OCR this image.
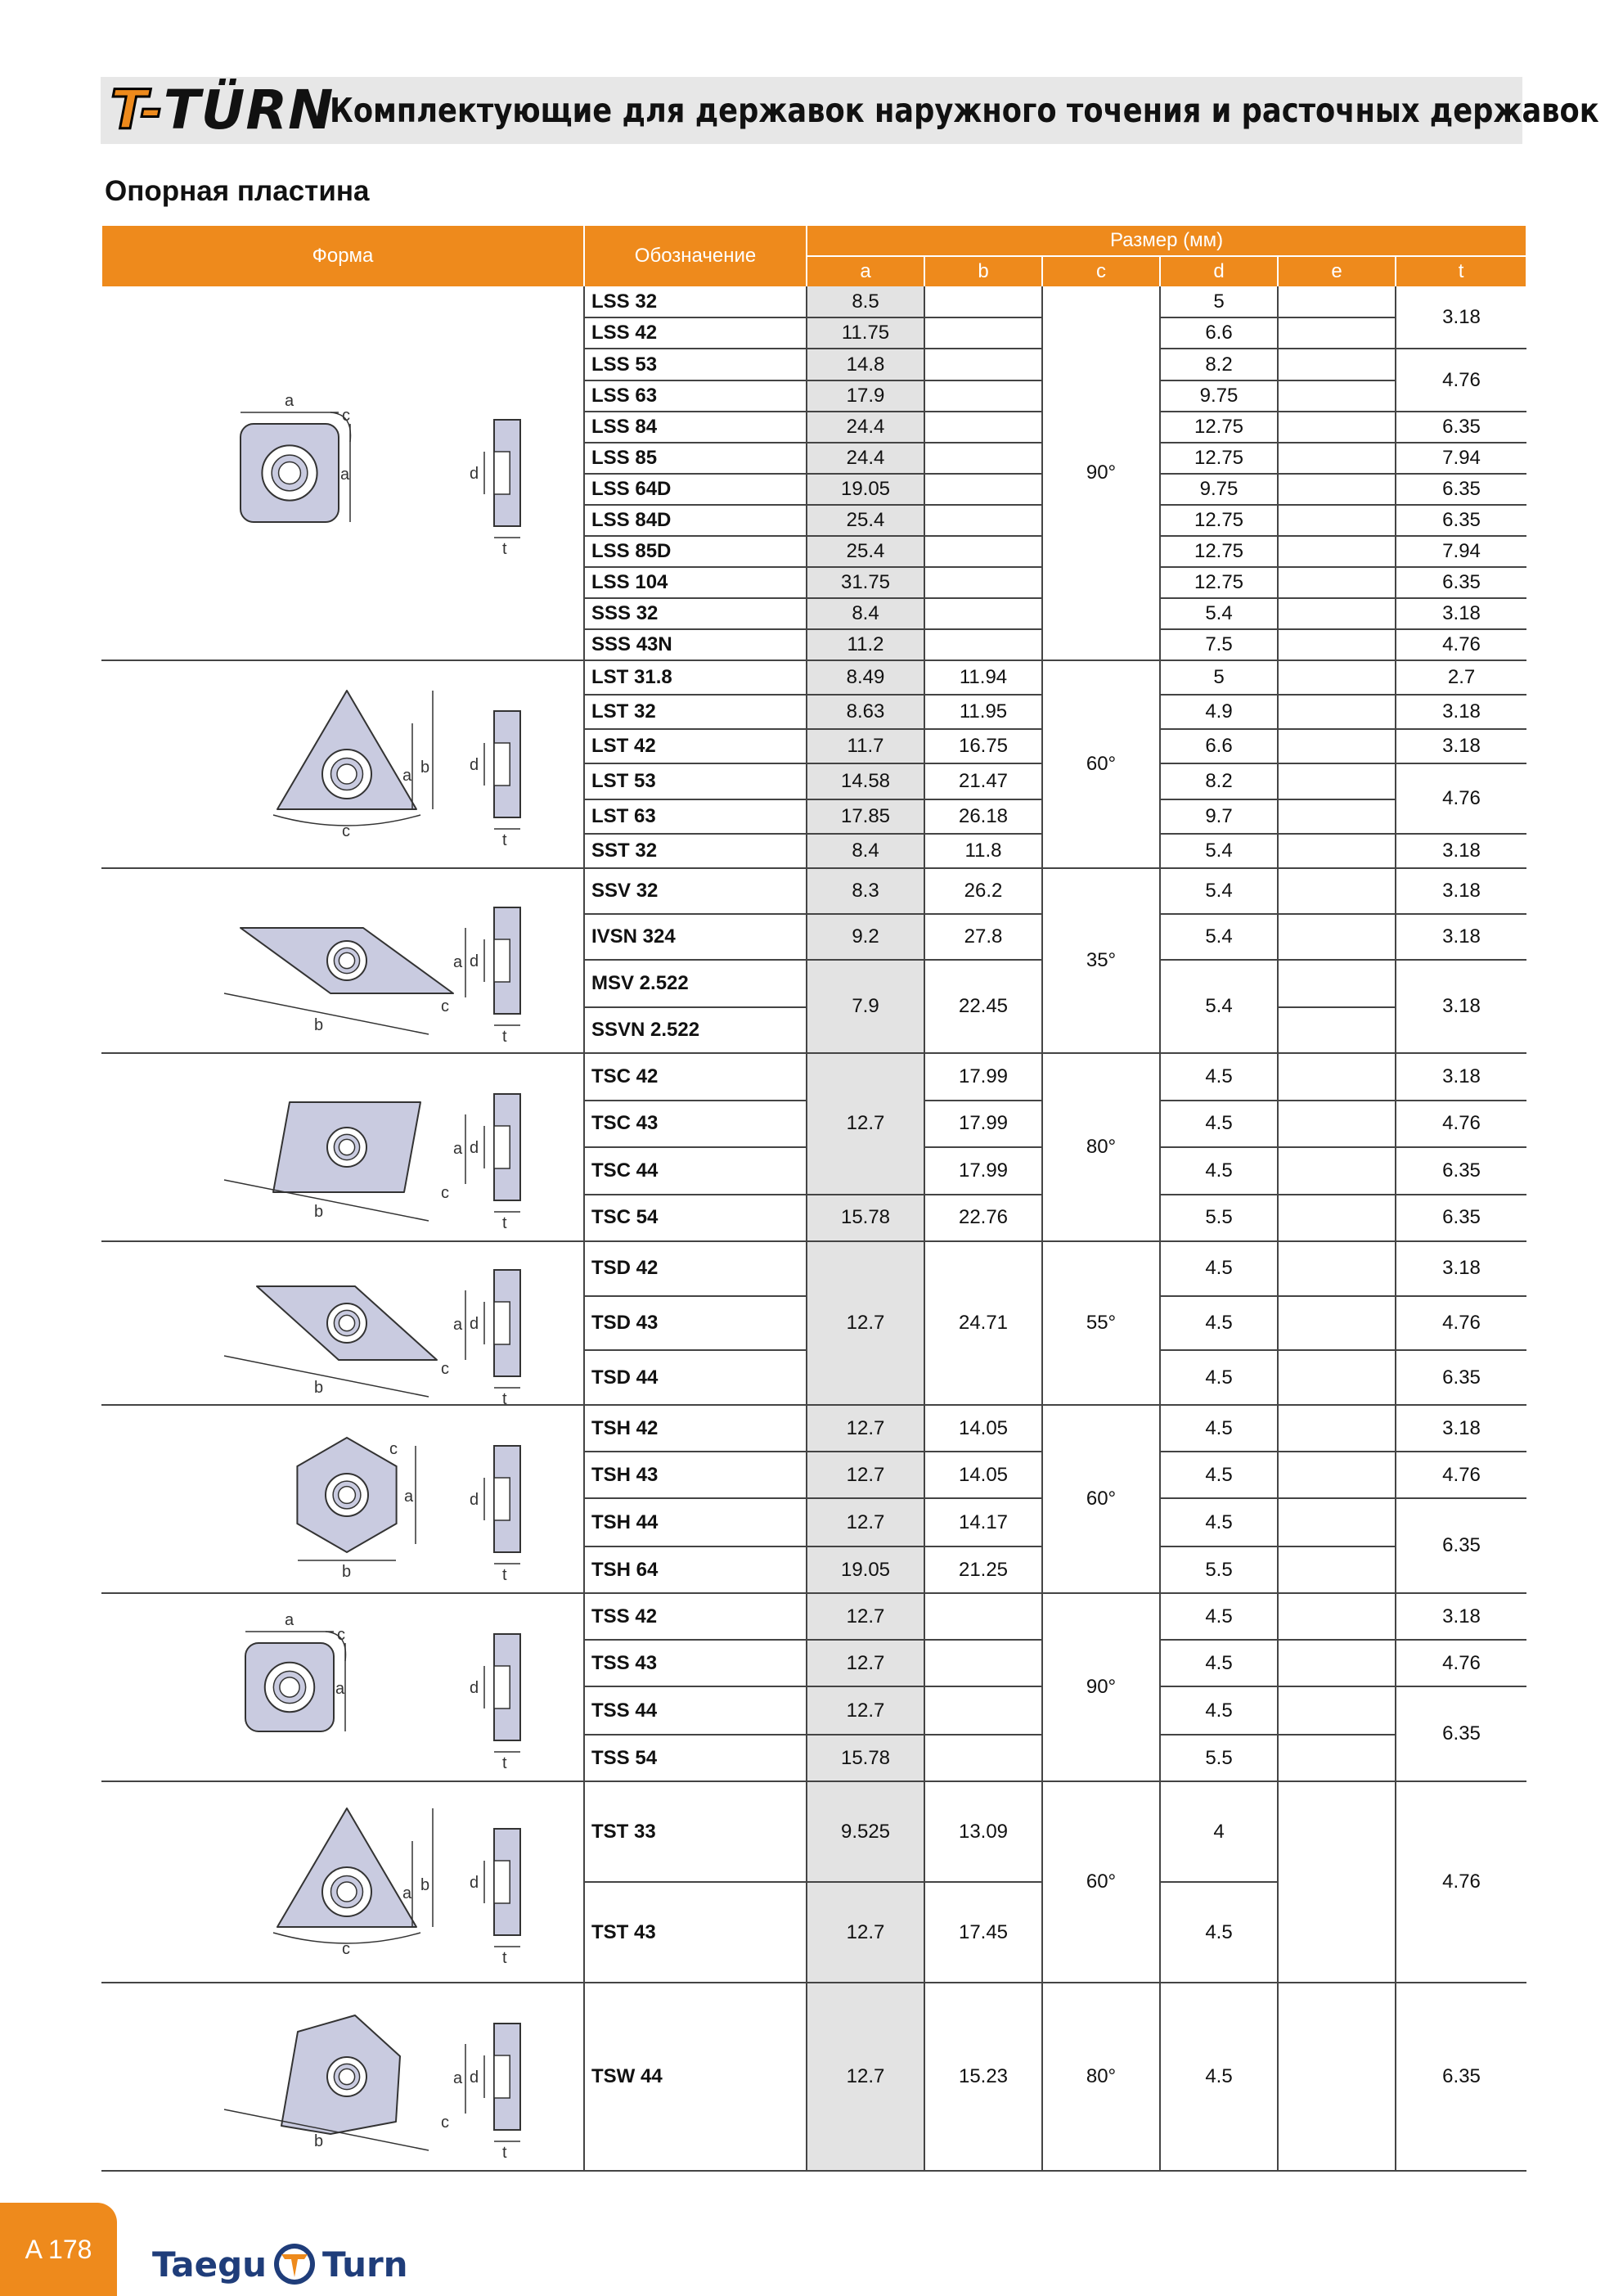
T- TÜRN
Комплектующие для державок наружного точения и расточных державок
Опорная пластина
Форма	Обозначение	Размер (мм)					
		a	b	c	d	e	t

a
a
c
d
t	LSS 32	8.5		90°	5		3.18
	LSS 42	11.75			6.6		
	LSS 53	14.8			8.2		4.76
	LSS 63	17.9			9.75		
	LSS 84	24.4			12.75		6.35
	LSS 85	24.4			12.75		7.94
	LSS 64D	19.05			9.75		6.35
	LSS 84D	25.4			12.75		6.35
	LSS 85D	25.4			12.75		7.94
	LSS 104	31.75			12.75		6.35
	SSS 32	8.4			5.4		3.18
	SSS 43N	11.2			7.5		4.76

b
a
c
d
t	LST 31.8	8.49	11.94	60°	5		2.7
	LST 32	8.63	11.95		4.9		3.18
	LST 42	11.7	16.75		6.6		3.18
	LST 53	14.58	21.47		8.2		4.76
	LST 63	17.85	26.18		9.7		
	SST 32	8.4	11.8		5.4		3.18

a
b
c
d
t	SSV 32	8.3	26.2	35°	5.4		3.18
	IVSN 324	9.2	27.8		5.4		3.18
	MSV 2.522	7.9	22.45		5.4		3.18
	SSVN 2.522						

a
b
c
d
t	TSC 42	12.7	17.99	80°	4.5		3.18
	TSC 43		17.99		4.5		4.76
	TSC 44		17.99		4.5		6.35
	TSC 54	15.78	22.76		5.5		6.35

a
b
c
d
t	TSD 42	12.7	24.71	55°	4.5		3.18
	TSD 43				4.5		4.76
	TSD 44				4.5		6.35

b
a
c
d
t	TSH 42	12.7	14.05	60°	4.5		3.18
	TSH 43	12.7	14.05		4.5		4.76
	TSH 44	12.7	14.17		4.5		6.35
	TSH 64	19.05	21.25		5.5		

a
a
c
d
t	TSS 42	12.7		90°	4.5		3.18
	TSS 43	12.7			4.5		4.76
	TSS 44	12.7			4.5		6.35
	TSS 54	15.78			5.5		

b
a
c
d
t	TST 33	9.525	13.09	60°	4		4.76
	TST 43	12.7	17.45		4.5		

a
b
c
d
t	TSW 44	12.7	15.23	80°	4.5		6.35
A 178	Taegu Turn
